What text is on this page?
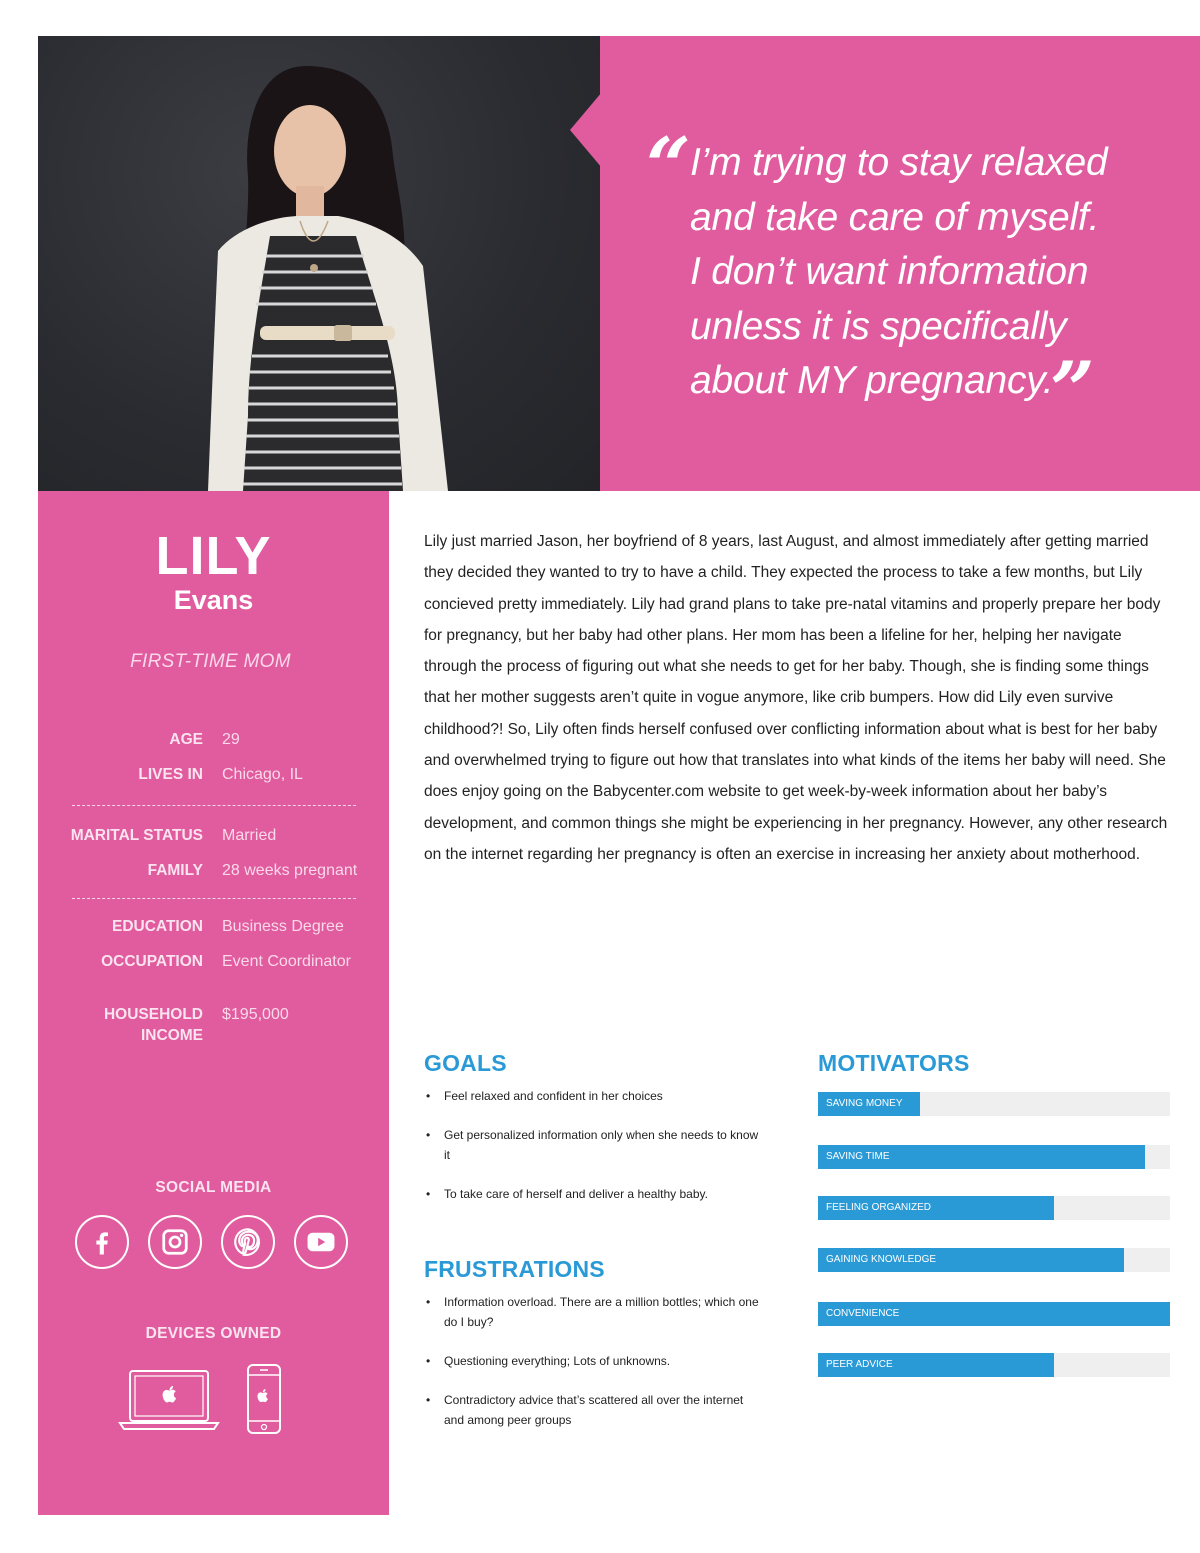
“ I’m trying to stay relaxed
and take care of myself.
I don’t want information
unless it is specifically
about MY pregnancy.
”
LILY
Evans
FIRST-TIME MOM
AGE 29
LIVES IN Chicago, IL
MARITAL STATUS Married
FAMILY 28 weeks pregnant
EDUCATION Business Degree
OCCUPATION Event Coordinator
HOUSEHOLD
INCOME
$195,000
SOCIAL MEDIA
DEVICES OWNED
Lily just married Jason, her boyfriend of 8 years, last August, and almost immediately after getting married they decided they wanted to try to have a child. They expected the process to take a few months, but Lily concieved pretty immediately. Lily had grand plans to take pre-natal vitamins and properly prepare her body for pregnancy, but her baby had other plans. Her mom has been a lifeline for her, helping her navigate through the process of figuring out what she needs to get for her baby. Though, she is finding some things that her mother suggests aren’t quite in vogue anymore, like crib bumpers. How did Lily even survive childhood?! So, Lily often finds herself confused over conflicting information about what is best for her baby and overwhelmed trying to figure out how that translates into what kinds of the items her baby will need. She does enjoy going on the Babycenter.com website to get week-by-week information about her baby’s development, and common things she might be experiencing in her pregnancy. However, any other research on the internet regarding her pregnancy is often an exercise in increasing her anxiety about motherhood.
GOALS
• Feel relaxed and confident in her choices
• Get personalized information only when she needs to know it
• To take care of herself and deliver a healthy baby.
FRUSTRATIONS
• Information overload. There are a million bottles; which one do I buy?
• Questioning everything; Lots of unknowns.
• Contradictory advice that’s scattered all over the internet and among peer groups
MOTIVATORS
SAVING MONEY
SAVING TIME
FEELING ORGANIZED
GAINING KNOWLEDGE
CONVENIENCE
PEER ADVICE
